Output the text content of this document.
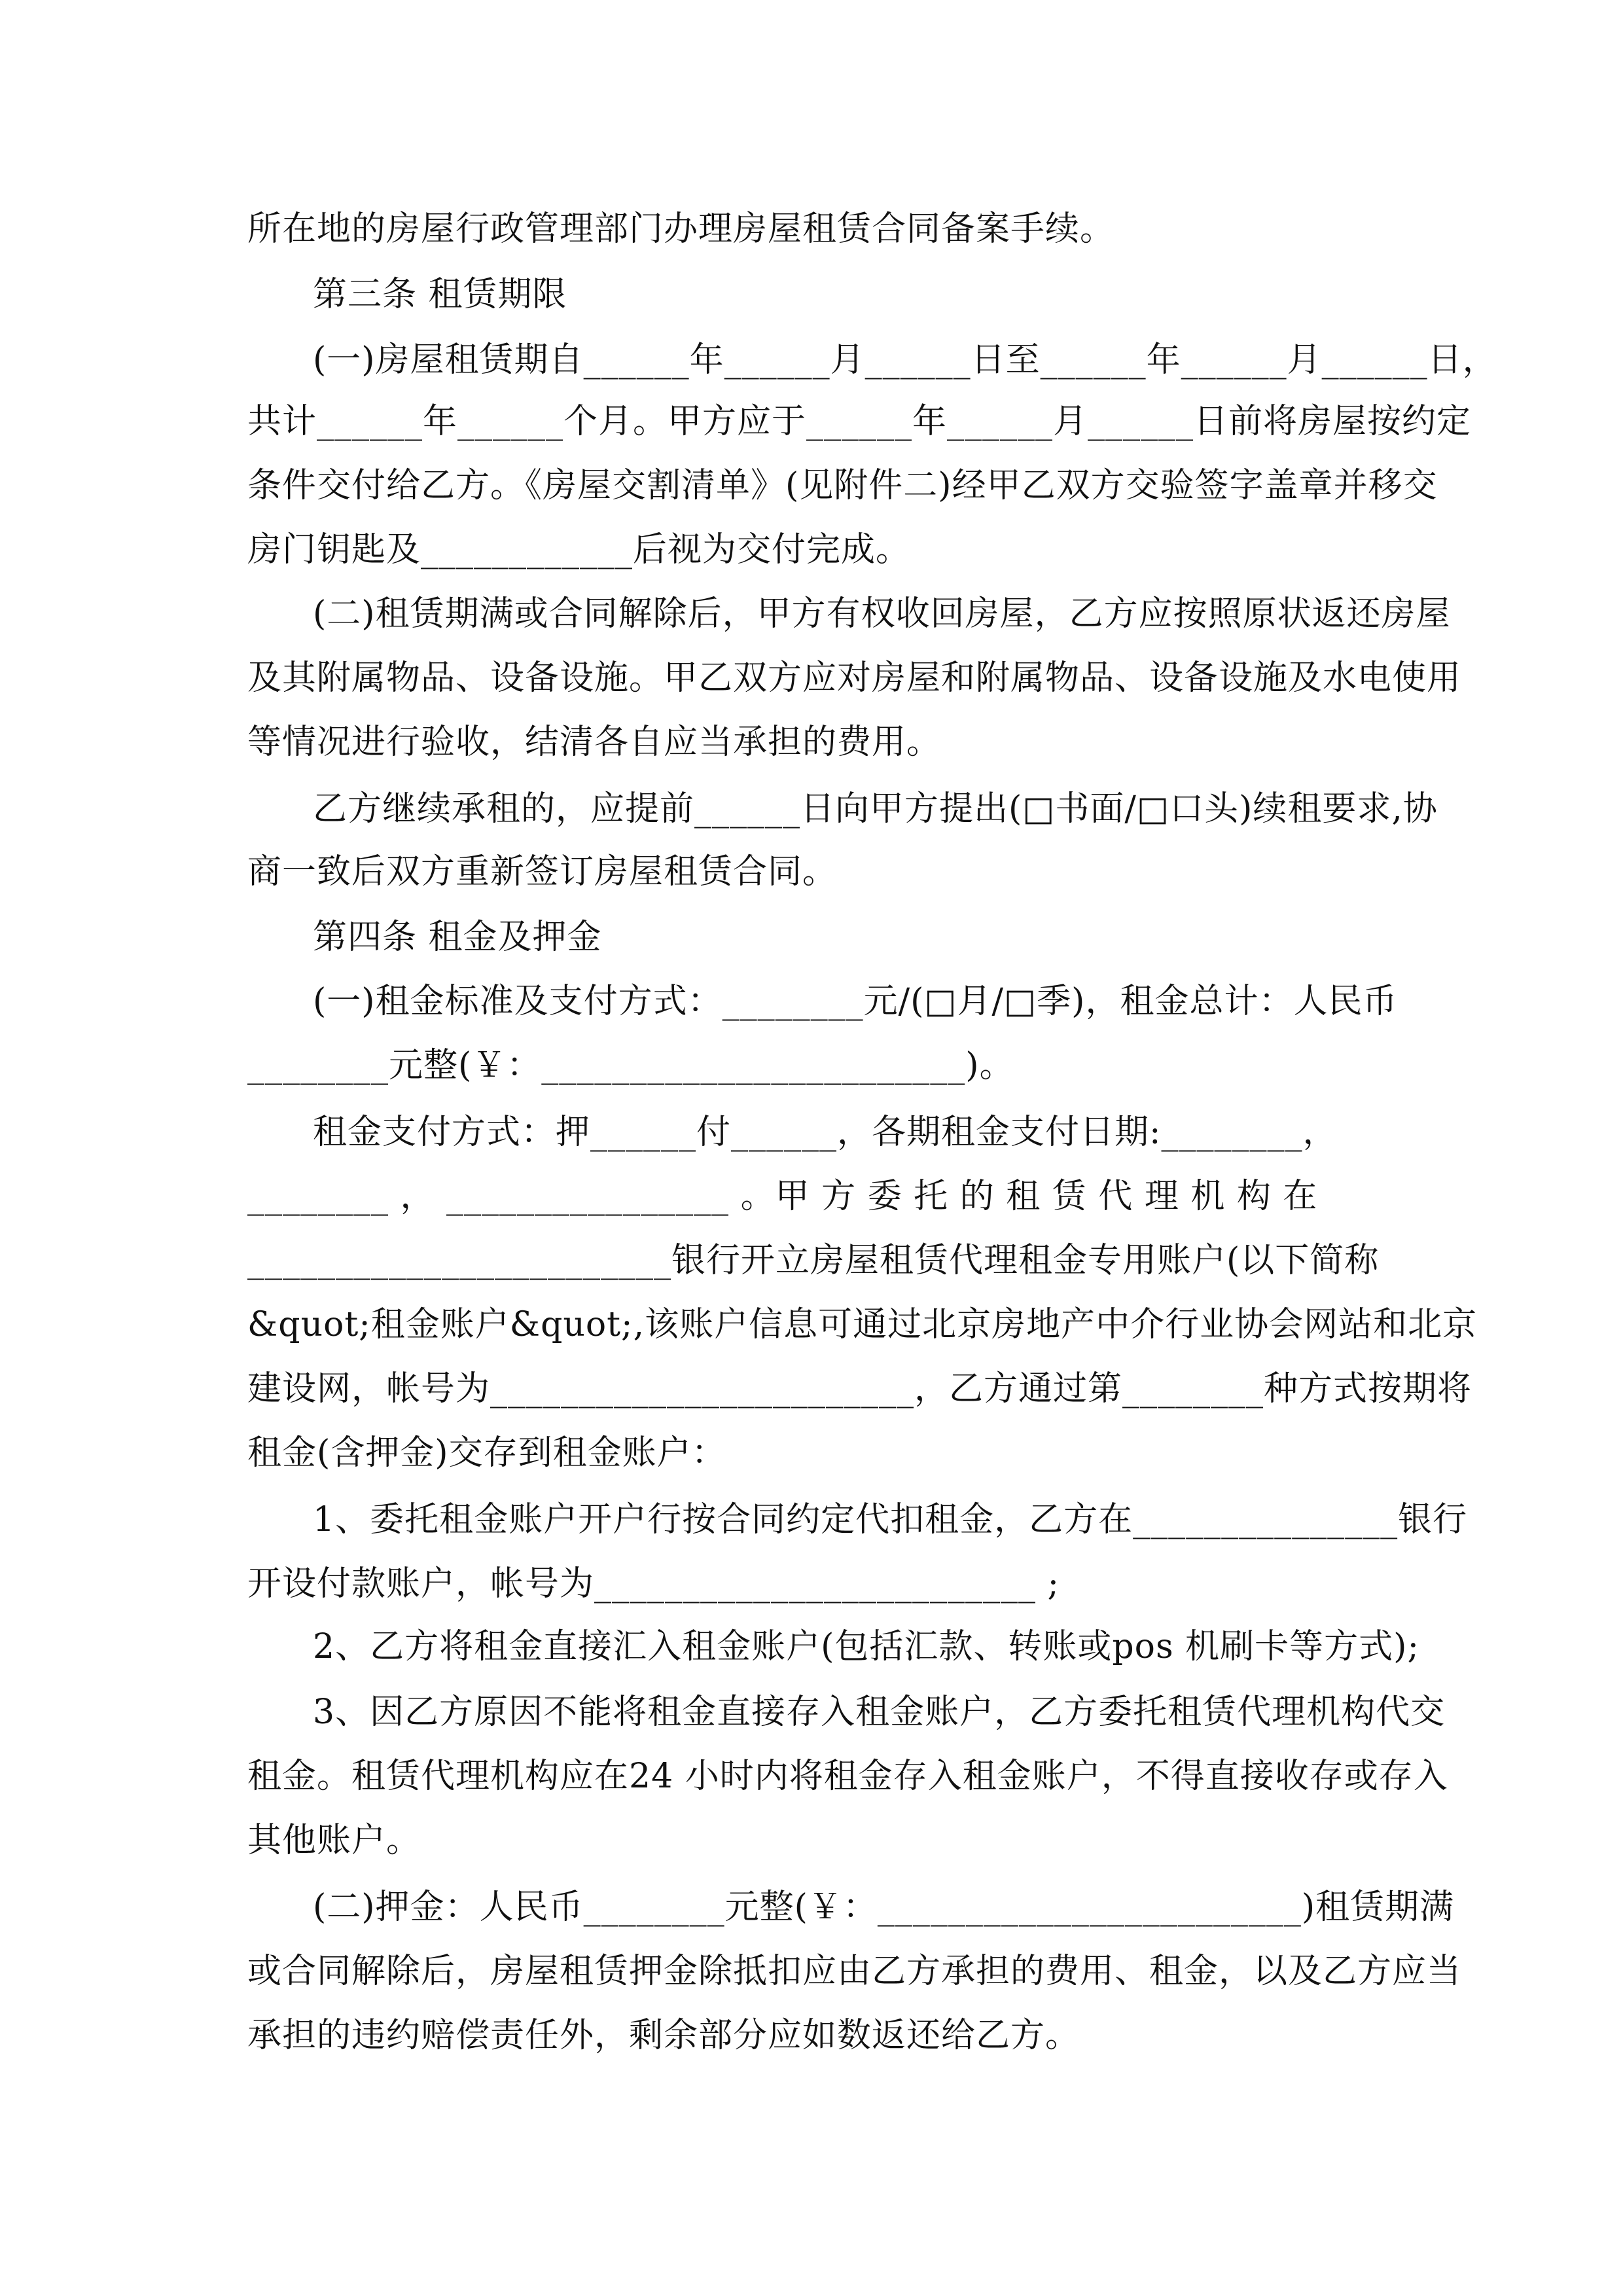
所在地的房屋行政管理部门办理房屋租赁合同备案手续。
第三条 租赁期限
(一)房屋租赁期自______年______月______日至______年______月______日，
共计______年______个月。甲方应于______年______月______日前将房屋按约定
条件交付给乙方。《房屋交割清单》(见附件二)经甲乙双方交验签字盖章并移交
房门钥匙及____________后视为交付完成。
(二)租赁期满或合同解除后，甲方有权收回房屋，乙方应按照原状返还房屋
及其附属物品、设备设施。甲乙双方应对房屋和附属物品、设备设施及水电使用
等情况进行验收，结清各自应当承担的费用。
乙方继续承租的，应提前______日向甲方提出(□书面/□口头)续租要求,协
商一致后双方重新签订房屋租赁合同。
第四条 租金及押金
(一)租金标准及支付方式：________元/(□月/□季)，租金总计：人民币
________元整(￥：________________________)。
租金支付方式：押______付______，各期租金支付日期:________，
________ ， ________________ 。甲 方 委 托 的 租 赁 代 理 机 构 在
________________________银行开立房屋租赁代理租金专用账户(以下简称
&quot;租金账户&quot;,该账户信息可通过北京房地产中介行业协会网站和北京
建设网，帐号为________________________，乙方通过第________种方式按期将
租金(含押金)交存到租金账户：
1、委托租金账户开户行按合同约定代扣租金，乙方在_______________银行
开设付款账户，帐号为_________________________ ;
2、乙方将租金直接汇入租金账户(包括汇款、转账或pos 机刷卡等方式);
3、因乙方原因不能将租金直接存入租金账户，乙方委托租赁代理机构代交
租金。租赁代理机构应在24 小时内将租金存入租金账户，不得直接收存或存入
其他账户。
(二)押金：人民币________元整(￥：________________________)租赁期满
或合同解除后，房屋租赁押金除抵扣应由乙方承担的费用、租金，以及乙方应当
承担的违约赔偿责任外，剩余部分应如数返还给乙方。
